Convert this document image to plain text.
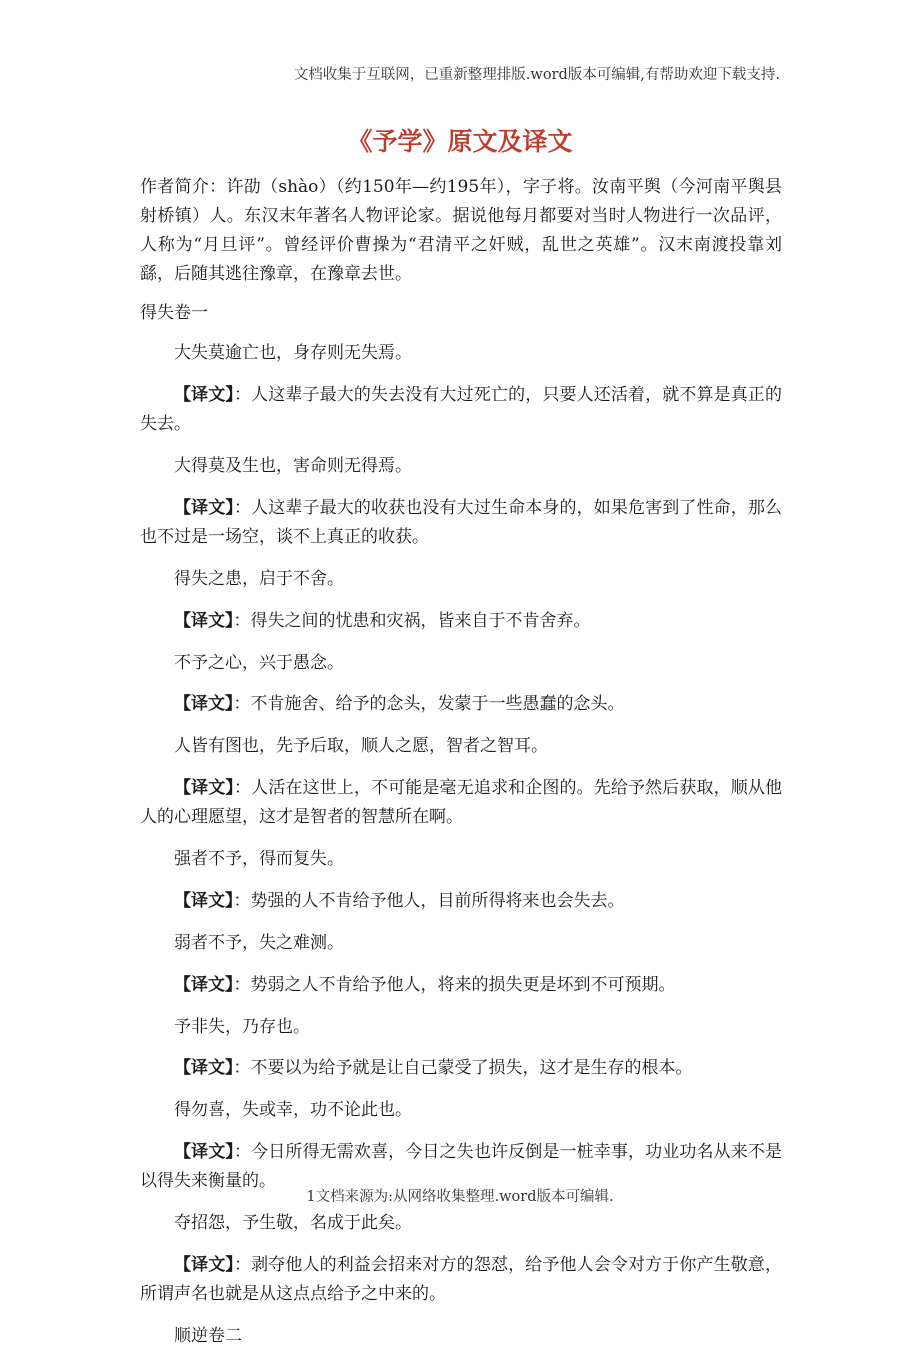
文档收集于互联网，已重新整理排版.word版本可编辑,有帮助欢迎下载支持.
《予学》原文及译文

作者简介：许劭（shào）（约150年—约195年），字子将。汝南平舆（今河南平舆县射桥镇）人。东汉末年著名人物评论家。据说他每月都要对当时人物进行一次品评，人称为“月旦评”。曾经评价曹操为“君清平之奸贼，乱世之英雄”。汉末南渡投靠刘繇，后随其逃往豫章，在豫章去世。

得失卷一

大失莫逾亡也，身存则无失焉。

【译文】：人这辈子最大的失去没有大过死亡的，只要人还活着，就不算是真正的失去。

大得莫及生也，害命则无得焉。

【译文】：人这辈子最大的收获也没有大过生命本身的，如果危害到了性命，那么也不过是一场空，谈不上真正的收获。

得失之患，启于不舍。

【译文】：得失之间的忧患和灾祸，皆来自于不肯舍弃。

不予之心，兴于愚念。

【译文】：不肯施舍、给予的念头，发蒙于一些愚蠢的念头。

人皆有图也，先予后取，顺人之愿，智者之智耳。

【译文】：人活在这世上，不可能是毫无追求和企图的。先给予然后获取，顺从他人的心理愿望，这才是智者的智慧所在啊。

强者不予，得而复失。

【译文】：势强的人不肯给予他人，目前所得将来也会失去。

弱者不予，失之难测。

【译文】：势弱之人不肯给予他人，将来的损失更是坏到不可预期。

予非失，乃存也。

【译文】：不要以为给予就是让自己蒙受了损失，这才是生存的根本。

得勿喜，失或幸，功不论此也。

【译文】：今日所得无需欢喜，今日之失也许反倒是一桩幸事，功业功名从来不是以得失来衡量的。

夺招怨，予生敬，名成于此矣。

【译文】：剥夺他人的利益会招来对方的怨怼，给予他人会令对方于你产生敬意，所谓声名也就是从这点点给予之中来的。

顺逆卷二

1文档来源为:从网络收集整理.word版本可编辑.
